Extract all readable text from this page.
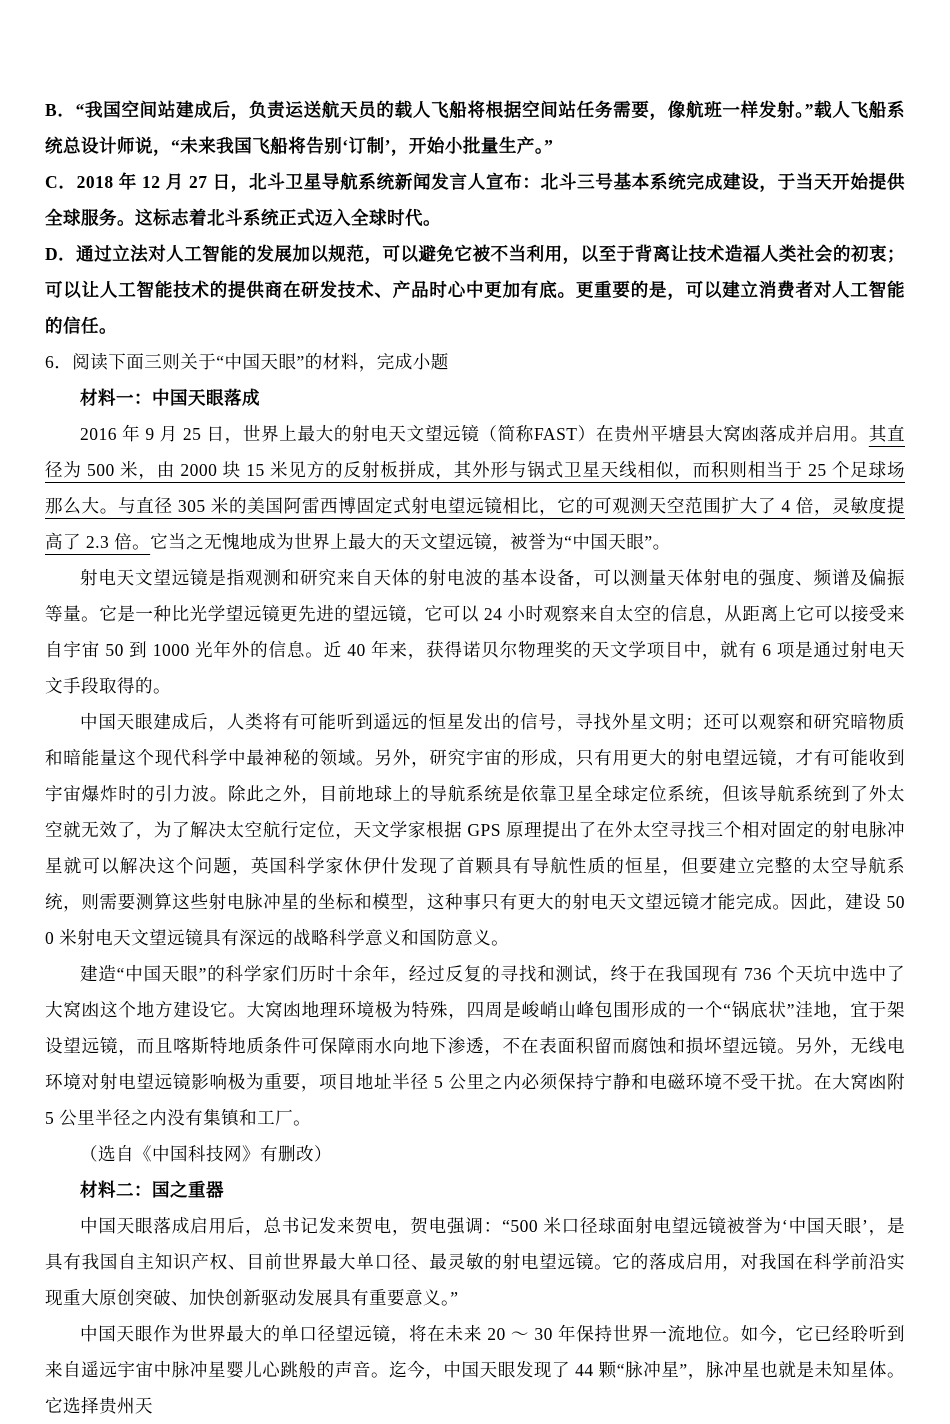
B．“我国空间站建成后，负责运送航天员的载人飞船将根据空间站任务需要，像航班一样发射。”载人飞船系统总设计师说，“未来我国飞船将告别‘订制’，开始小批量生产。”

C．2018 年 12 月 27 日，北斗卫星导航系统新闻发言人宣布：北斗三号基本系统完成建设，于当天开始提供全球服务。这标志着北斗系统正式迈入全球时代。

D．通过立法对人工智能的发展加以规范，可以避免它被不当利用，以至于背离让技术造福人类社会的初衷；可以让人工智能技术的提供商在研发技术、产品时心中更加有底。更重要的是，可以建立消费者对人工智能的信任。

6．阅读下面三则关于“中国天眼”的材料，完成小题

材料一：中国天眼落成

2016 年 9 月 25 日，世界上最大的射电天文望远镜（简称FAST）在贵州平塘县大窝凼落成并启用。其直径为 500 米，由 2000 块 15 米见方的反射板拼成，其外形与锅式卫星天线相似，而积则相当于 25 个足球场那么大。与直径 305 米的美国阿雷西博固定式射电望远镜相比，它的可观测天空范围扩大了 4 倍，灵敏度提高了 2.3 倍。它当之无愧地成为世界上最大的天文望远镜，被誉为“中国天眼”。

射电天文望远镜是指观测和研究来自天体的射电波的基本设备，可以测量天体射电的强度、频谱及偏振等量。它是一种比光学望远镜更先进的望远镜，它可以 24 小时观察来自太空的信息，从距离上它可以接受来自宇宙 50 到 1000 光年外的信息。近 40 年来，获得诺贝尔物理奖的天文学项目中，就有 6 项是通过射电天文手段取得的。

中国天眼建成后，人类将有可能听到遥远的恒星发出的信号，寻找外星文明；还可以观察和研究暗物质和暗能量这个现代科学中最神秘的领域。另外，研究宇宙的形成，只有用更大的射电望远镜，才有可能收到宇宙爆炸时的引力波。除此之外，目前地球上的导航系统是依靠卫星全球定位系统，但该导航系统到了外太空就无效了，为了解决太空航行定位，天文学家根据 GPS 原理提出了在外太空寻找三个相对固定的射电脉冲星就可以解决这个问题，英国科学家休伊什发现了首颗具有导航性质的恒星，但要建立完整的太空导航系统，则需要测算这些射电脉冲星的坐标和模型，这种事只有更大的射电天文望远镜才能完成。因此，建设 500 米射电天文望远镜具有深远的战略科学意义和国防意义。

建造“中国天眼”的科学家们历时十余年，经过反复的寻找和测试，终于在我国现有 736 个天坑中选中了大窝凼这个地方建设它。大窝凼地理环境极为特殊，四周是峻峭山峰包围形成的一个“锅底状”洼地，宜于架设望远镜，而且喀斯特地质条件可保障雨水向地下渗透，不在表面积留而腐蚀和损坏望远镜。另外，无线电环境对射电望远镜影响极为重要，项目地址半径 5 公里之内必须保持宁静和电磁环境不受干扰。在大窝凼附 5 公里半径之内没有集镇和工厂。

（选自《中国科技网》有删改）

材料二：国之重器

中国天眼落成启用后，总书记发来贺电，贺电强调：“500 米口径球面射电望远镜被誉为‘中国天眼’，是具有我国自主知识产权、目前世界最大单口径、最灵敏的射电望远镜。它的落成启用，对我国在科学前沿实现重大原创突破、加快创新驱动发展具有重要意义。”

中国天眼作为世界最大的单口径望远镜，将在未来 20 ～ 30 年保持世界一流地位。如今，它已经聆听到来自遥远宇宙中脉冲星婴儿心跳般的声音。迄今，中国天眼发现了 44 颗“脉冲星”，脉冲星也就是未知星体。它选择贵州天
